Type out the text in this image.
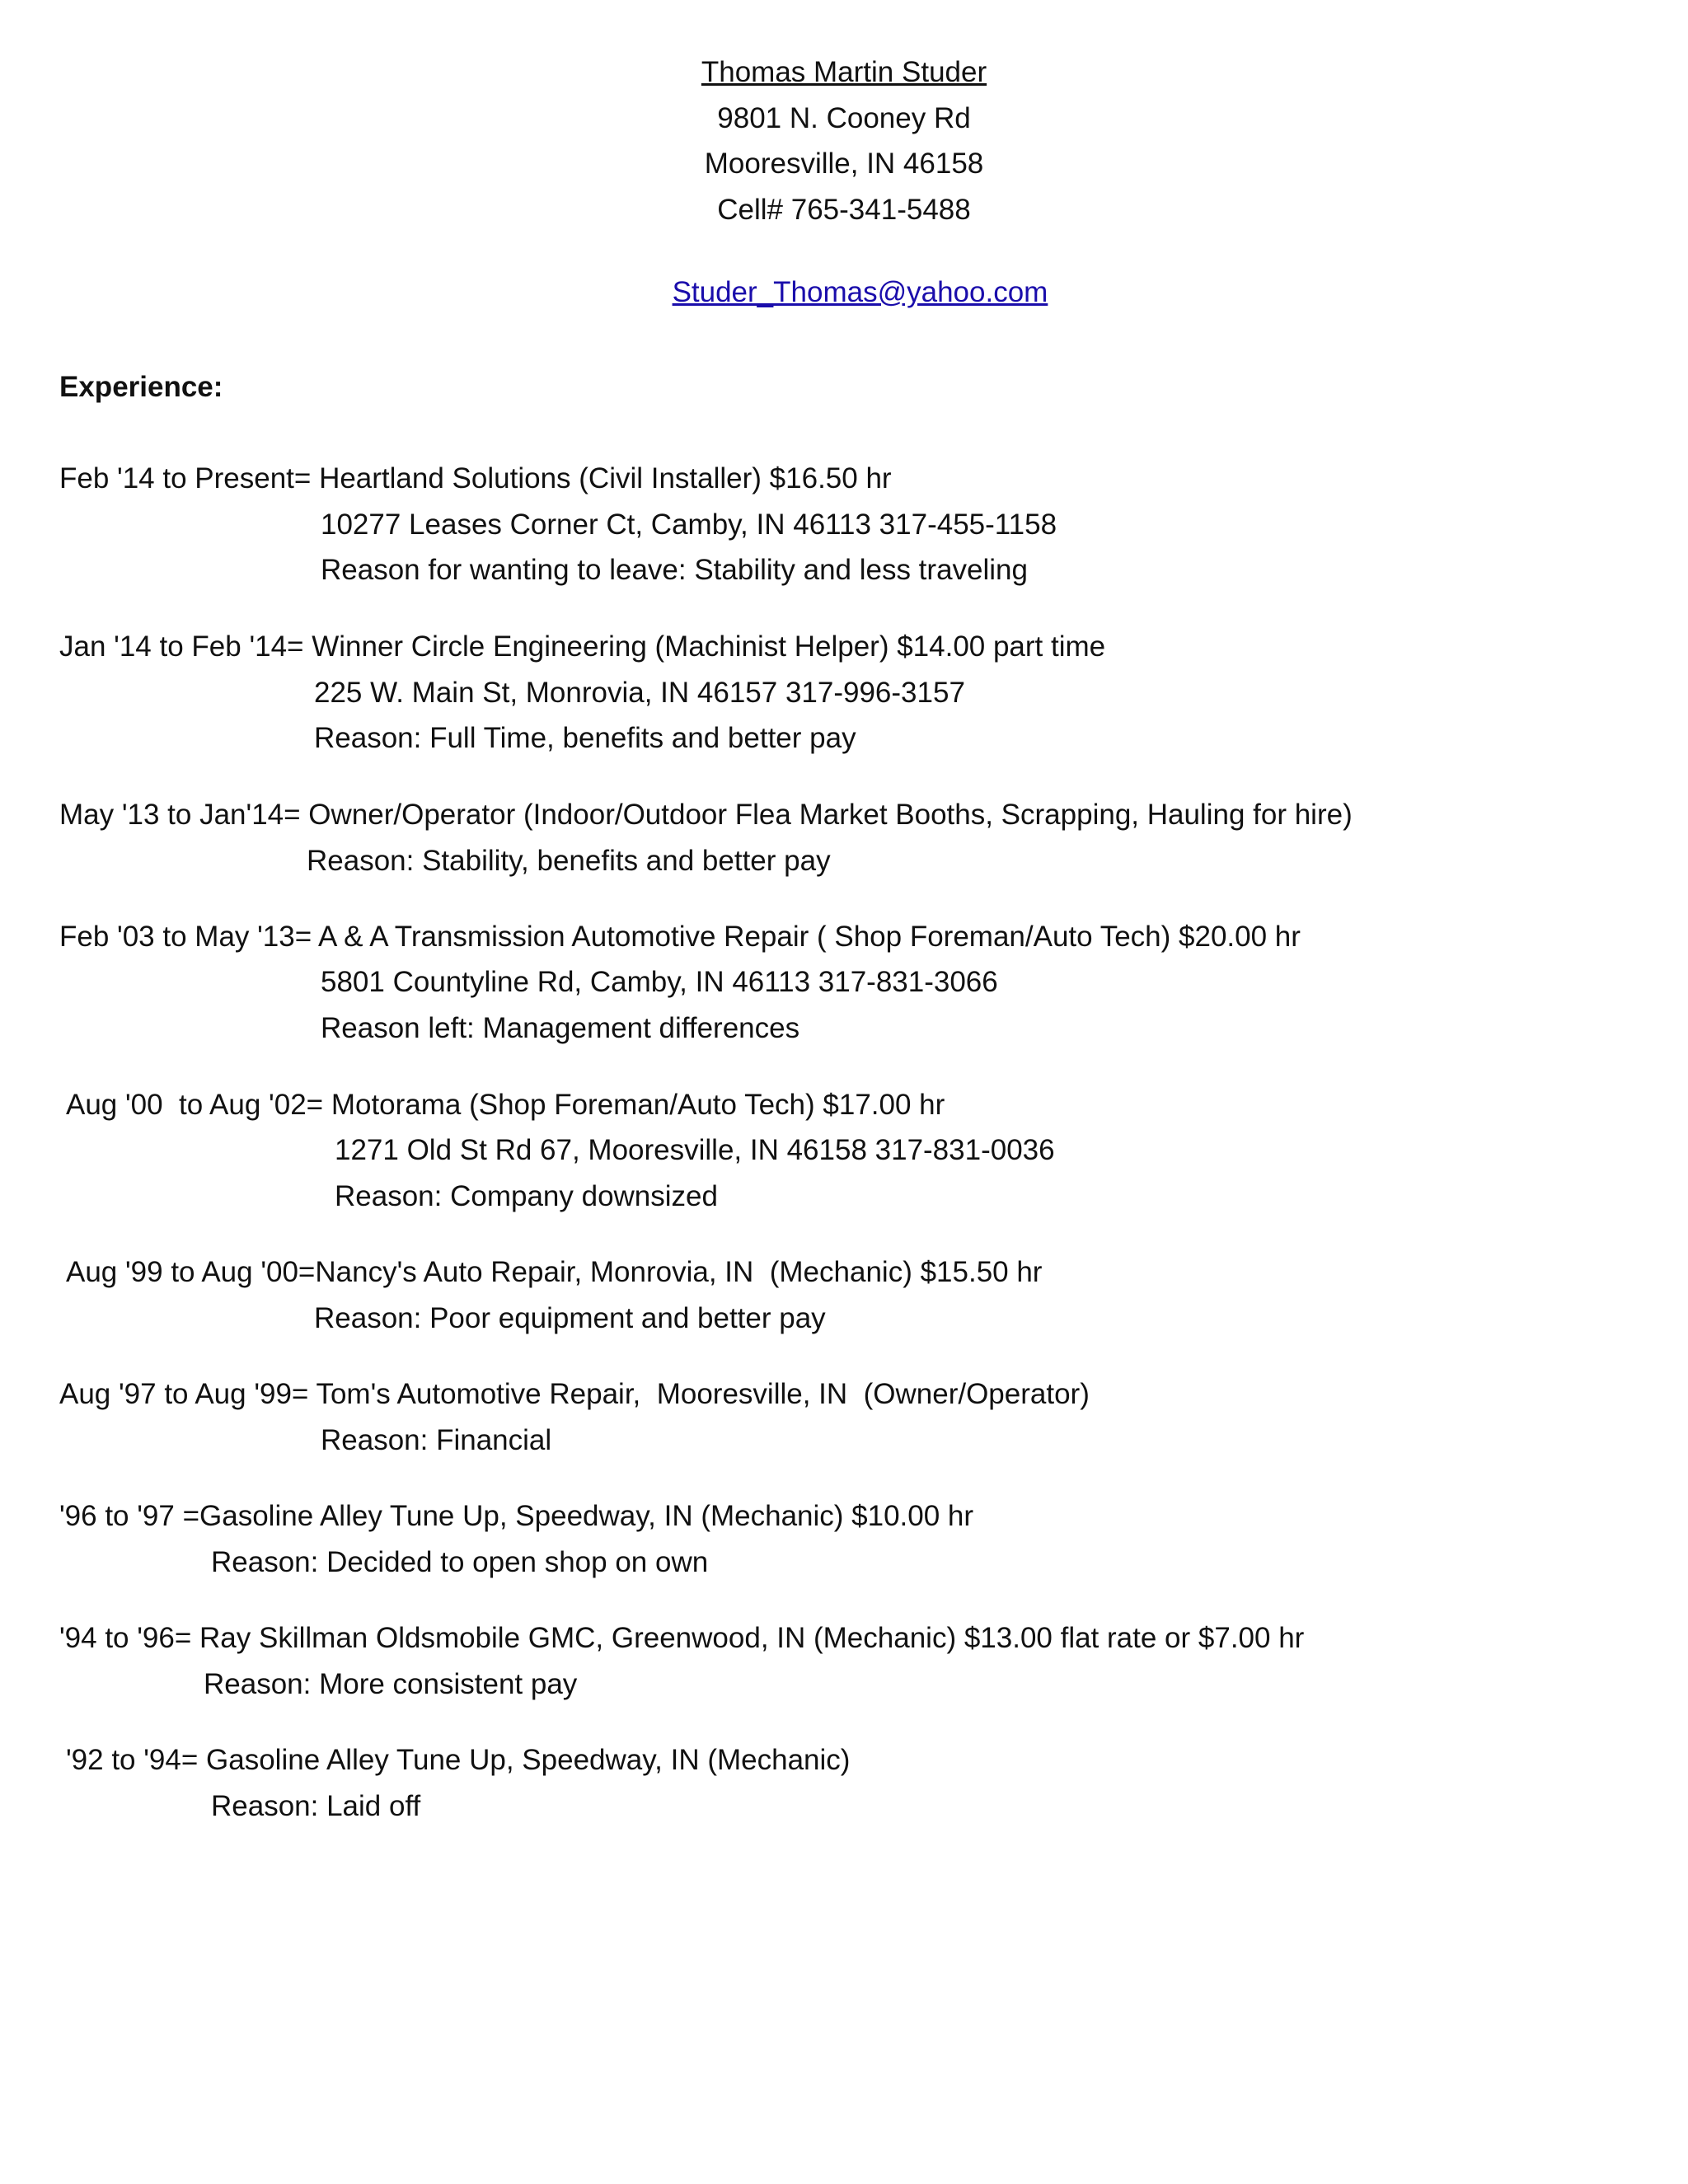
Thomas Martin Studer
9801 N. Cooney Rd
Mooresville, IN 46158
Cell# 765-341-5488

Studer_Thomas@yahoo.com

Experience:
Feb '14 to Present= Heartland Solutions (Civil Installer) $16.50 hr
10277 Leases Corner Ct, Camby, IN 46113 317-455-1158
Reason for wanting to leave: Stability and less traveling
Jan '14 to Feb '14= Winner Circle Engineering (Machinist Helper) $14.00 part time
225 W. Main St, Monrovia, IN 46157 317-996-3157
Reason: Full Time, benefits and better pay
May '13 to Jan'14= Owner/Operator (Indoor/Outdoor Flea Market Booths, Scrapping, Hauling for hire)
Reason: Stability, benefits and better pay
Feb '03 to May '13= A & A Transmission Automotive Repair ( Shop Foreman/Auto Tech) $20.00 hr
5801 Countyline Rd, Camby, IN 46113 317-831-3066
Reason left: Management differences
Aug '00  to Aug '02= Motorama (Shop Foreman/Auto Tech) $17.00 hr
1271 Old St Rd 67, Mooresville, IN 46158 317-831-0036
Reason: Company downsized
Aug '99 to Aug '00=Nancy's Auto Repair, Monrovia, IN  (Mechanic) $15.50 hr
Reason: Poor equipment and better pay
Aug '97 to Aug '99= Tom's Automotive Repair,  Mooresville, IN  (Owner/Operator)
Reason: Financial
'96 to '97 =Gasoline Alley Tune Up, Speedway, IN (Mechanic) $10.00 hr
Reason: Decided to open shop on own
'94 to '96= Ray Skillman Oldsmobile GMC, Greenwood, IN (Mechanic) $13.00 flat rate or $7.00 hr
Reason: More consistent pay
'92 to '94= Gasoline Alley Tune Up, Speedway, IN (Mechanic)
Reason: Laid off
